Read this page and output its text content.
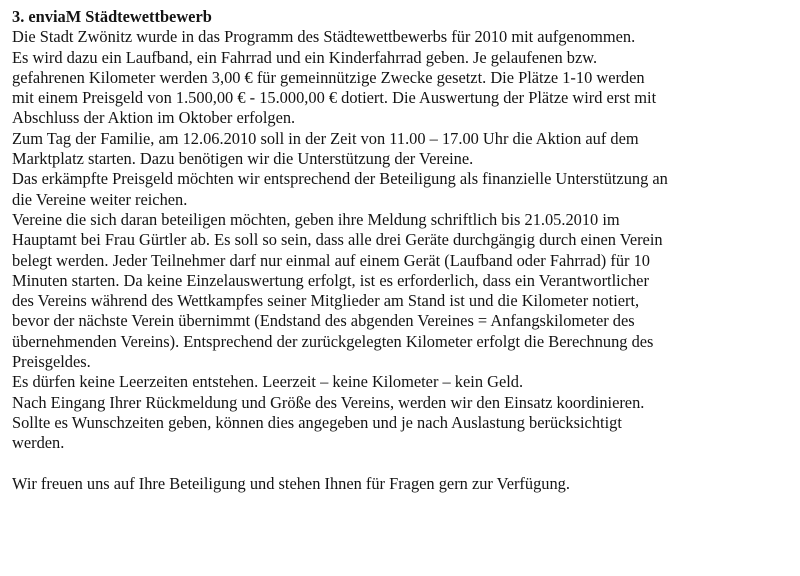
3. enviaM Städtewettbewerb
Die Stadt Zwönitz wurde in das Programm des Städtewettbewerbs für 2010 mit aufgenommen.
Es wird dazu ein Laufband, ein Fahrrad und ein Kinderfahrrad geben. Je gelaufenen bzw.
gefahrenen Kilometer werden 3,00 € für gemeinnützige Zwecke gesetzt. Die Plätze 1-10 werden
mit einem Preisgeld von 1.500,00 € - 15.000,00 € dotiert. Die Auswertung der Plätze wird erst mit
Abschluss der Aktion im Oktober erfolgen.
Zum Tag der Familie, am 12.06.2010 soll in der Zeit von 11.00 – 17.00 Uhr die Aktion auf dem
Marktplatz starten. Dazu benötigen wir die Unterstützung der Vereine.
Das erkämpfte Preisgeld möchten wir entsprechend der Beteiligung als finanzielle Unterstützung an
die Vereine weiter reichen.
Vereine die sich daran beteiligen möchten, geben ihre Meldung schriftlich bis 21.05.2010 im
Hauptamt bei Frau Gürtler ab. Es soll so sein, dass alle drei Geräte durchgängig durch einen Verein
belegt werden. Jeder Teilnehmer darf nur einmal auf einem Gerät (Laufband oder Fahrrad) für 10
Minuten starten. Da keine Einzelauswertung erfolgt, ist es erforderlich, dass ein Verantwortlicher
des Vereins während des Wettkampfes seiner Mitglieder am Stand ist und die Kilometer notiert,
bevor der nächste Verein übernimmt (Endstand des abgenden Vereines = Anfangskilometer des
übernehmenden Vereins). Entsprechend der zurückgelegten Kilometer erfolgt die Berechnung des
Preisgeldes.
Es dürfen keine Leerzeiten entstehen. Leerzeit – keine Kilometer – kein Geld.
Nach Eingang Ihrer Rückmeldung und Größe des Vereins, werden wir den Einsatz koordinieren.
Sollte es Wunschzeiten geben, können dies angegeben und je nach Auslastung berücksichtigt
werden.
Wir freuen uns auf Ihre Beteiligung und stehen Ihnen für Fragen gern zur Verfügung.
